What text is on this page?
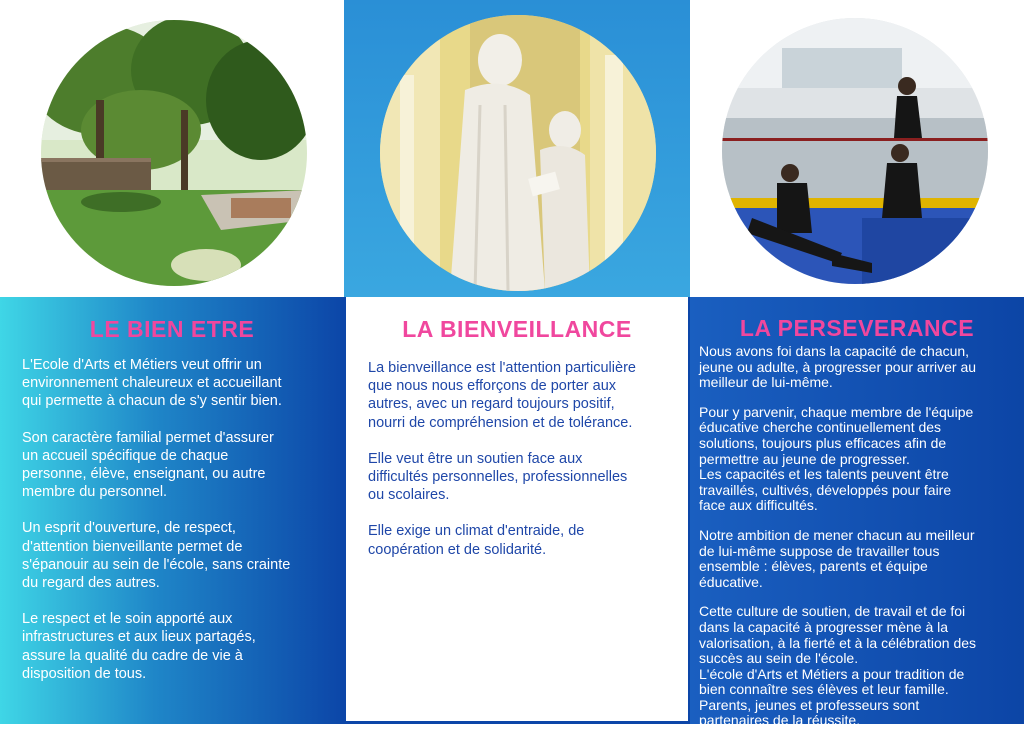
LE BIEN ETRE

L'Ecole d'Arts et Métiers veut offrir un
environnement chaleureux et accueillant
qui permette à chacun de s'y sentir bien.

Son caractère familial permet d'assurer
un accueil spécifique de chaque
personne, élève, enseignant, ou autre
membre du personnel.

Un esprit d'ouverture, de respect,
d'attention bienveillante permet de
s'épanouir au sein de l'école, sans crainte
du regard des autres.

Le respect et le soin apporté aux
infrastructures et aux lieux partagés,
assure la qualité du cadre de vie à
disposition de tous.

LA BIENVEILLANCE

La bienveillance est l'attention particulière
que nous nous efforçons de porter aux
autres, avec un regard toujours positif,
nourri de compréhension et de tolérance.

Elle veut être un soutien face aux
difficultés personnelles, professionnelles
ou scolaires.

Elle exige un climat d'entraide, de
coopération et de solidarité.

LA PERSEVERANCE

Nous avons foi dans la capacité de chacun,
jeune ou adulte, à progresser pour arriver au
meilleur de lui-même.

Pour y parvenir, chaque membre de l'équipe
éducative cherche continuellement des
solutions, toujours plus efficaces afin de
permettre au jeune de progresser.
Les capacités et les talents peuvent être
travaillés, cultivés, développés pour faire
face aux difficultés.

Notre ambition de mener chacun au meilleur
de lui-même suppose de travailler tous
ensemble : élèves, parents et équipe
éducative.

Cette culture de soutien, de travail et de foi
dans la capacité à progresser mène à la
valorisation, à la fierté et à la célébration des
succès au sein de l'école.
L'école d'Arts et Métiers a pour tradition de
bien connaître ses élèves et leur famille.
Parents, jeunes et professeurs sont
partenaires de la réussite.
